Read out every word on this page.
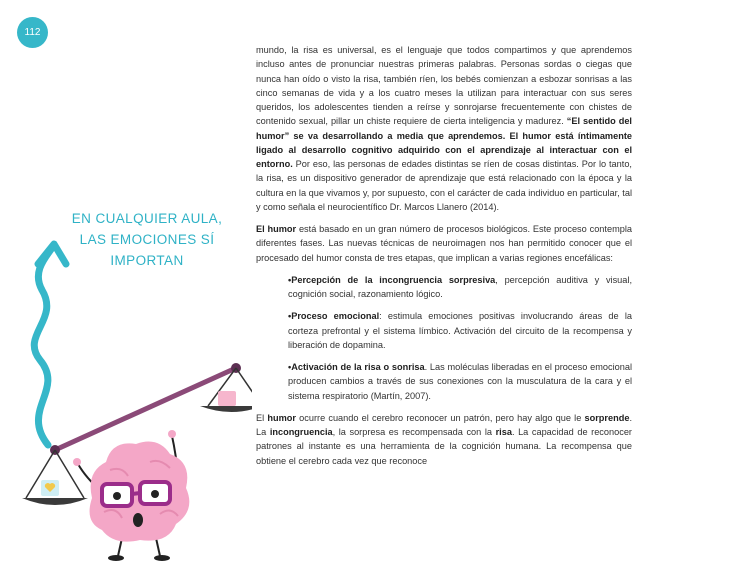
112
EN CUALQUIER AULA,
LAS EMOCIONES SÍ
IMPORTAN

mundo, la risa es universal, es el lenguaje que todos compartimos y que aprendemos incluso antes de pronunciar nuestras primeras palabras. Personas sordas o ciegas que nunca han oído o visto la risa, también ríen, los bebés comienzan a esbozar sonrisas a las cinco semanas de vida y a los cuatro meses la utilizan para interactuar con sus seres queridos, los adolescentes tienden a reírse y sonrojarse frecuentemente con chistes de contenido sexual, pillar un chiste requiere de cierta inteligencia y madurez. “El sentido del humor” se va desarrollando a media que aprendemos. El humor está íntimamente ligado al desarrollo cognitivo adquirido con el aprendizaje al interactuar con el entorno. Por eso, las personas de edades distintas se ríen de cosas distintas. Por lo tanto, la risa, es un dispositivo generador de aprendizaje que está relacionado con la época y la cultura en la que vivamos y, por supuesto, con el carácter de cada individuo en particular, tal y como señala el neurocientífico Dr. Marcos Llanero (2014).

El humor está basado en un gran número de procesos biológicos. Este proceso contempla diferentes fases. Las nuevas técnicas de neuroimagen nos han permitido conocer que el procesado del humor consta de tres etapas, que implican a varias regiones encefálicas:

•Percepción de la incongruencia sorpresiva, percepción auditiva y visual, cognición social, razonamiento lógico.

•Proceso emocional: estimula emociones positivas involucrando áreas de la corteza prefrontal y el sistema límbico. Activación del circuito de la recompensa y liberación de dopamina.

•Activación de la risa o sonrisa. Las moléculas liberadas en el proceso emocional producen cambios a través de sus conexiones con la musculatura de la cara y el sistema respiratorio (Martín, 2007).

El humor ocurre cuando el cerebro reconocer un patrón, pero hay algo que le sorprende. La incongruencia, la sorpresa es recompensada con la risa. La capacidad de reconocer patrones al instante es una herramienta de la cognición humana. La recompensa que obtiene el cerebro cada vez que reconoce
